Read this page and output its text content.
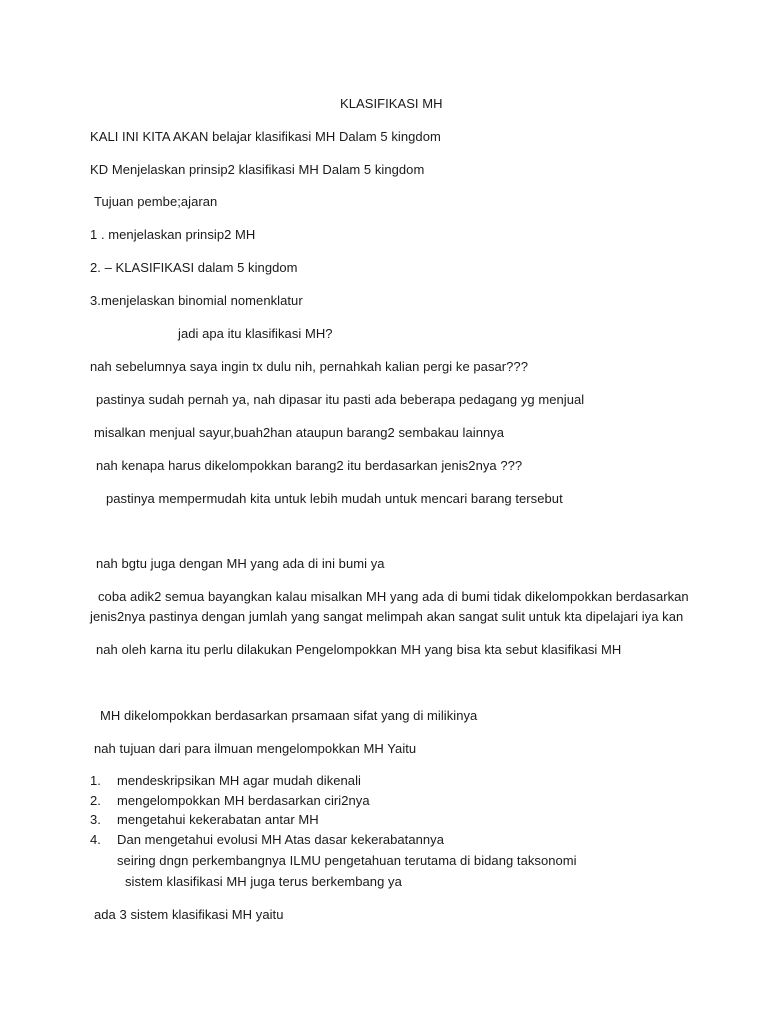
KLASIFIKASI MH
KALI INI KITA AKAN belajar klasifikasi MH Dalam 5 kingdom
KD Menjelaskan prinsip2 klasifikasi MH Dalam 5 kingdom
Tujuan pembe;ajaran
1 . menjelaskan prinsip2 MH
2. – KLASIFIKASI dalam 5 kingdom
3.menjelaskan binomial nomenklatur
jadi apa itu klasifikasi MH?
nah sebelumnya saya ingin tx dulu nih, pernahkah kalian pergi ke pasar???
pastinya sudah pernah ya, nah dipasar itu pasti ada beberapa pedagang yg menjual
misalkan menjual sayur,buah2han ataupun barang2 sembakau lainnya
nah kenapa harus dikelompokkan barang2 itu berdasarkan jenis2nya ???
pastinya mempermudah kita untuk lebih mudah untuk mencari barang tersebut
nah bgtu juga dengan MH yang ada di ini bumi ya
coba adik2 semua bayangkan kalau misalkan MH yang ada di bumi tidak dikelompokkan berdasarkan
jenis2nya pastinya dengan jumlah yang sangat melimpah akan sangat sulit untuk kta dipelajari iya kan
nah oleh karna itu perlu dilakukan Pengelompokkan MH yang bisa kta sebut klasifikasi MH
MH dikelompokkan berdasarkan prsamaan sifat yang di milikinya
nah tujuan dari para ilmuan mengelompokkan MH Yaitu
1. mendeskripsikan MH agar mudah dikenali
2. mengelompokkan MH berdasarkan ciri2nya
3. mengetahui kekerabatan antar MH
4. Dan mengetahui evolusi MH Atas dasar kekerabatannya
seiring dngn perkembangnya ILMU pengetahuan terutama di bidang taksonomi
sistem klasifikasi MH juga terus berkembang ya
ada 3 sistem klasifikasi MH yaitu
